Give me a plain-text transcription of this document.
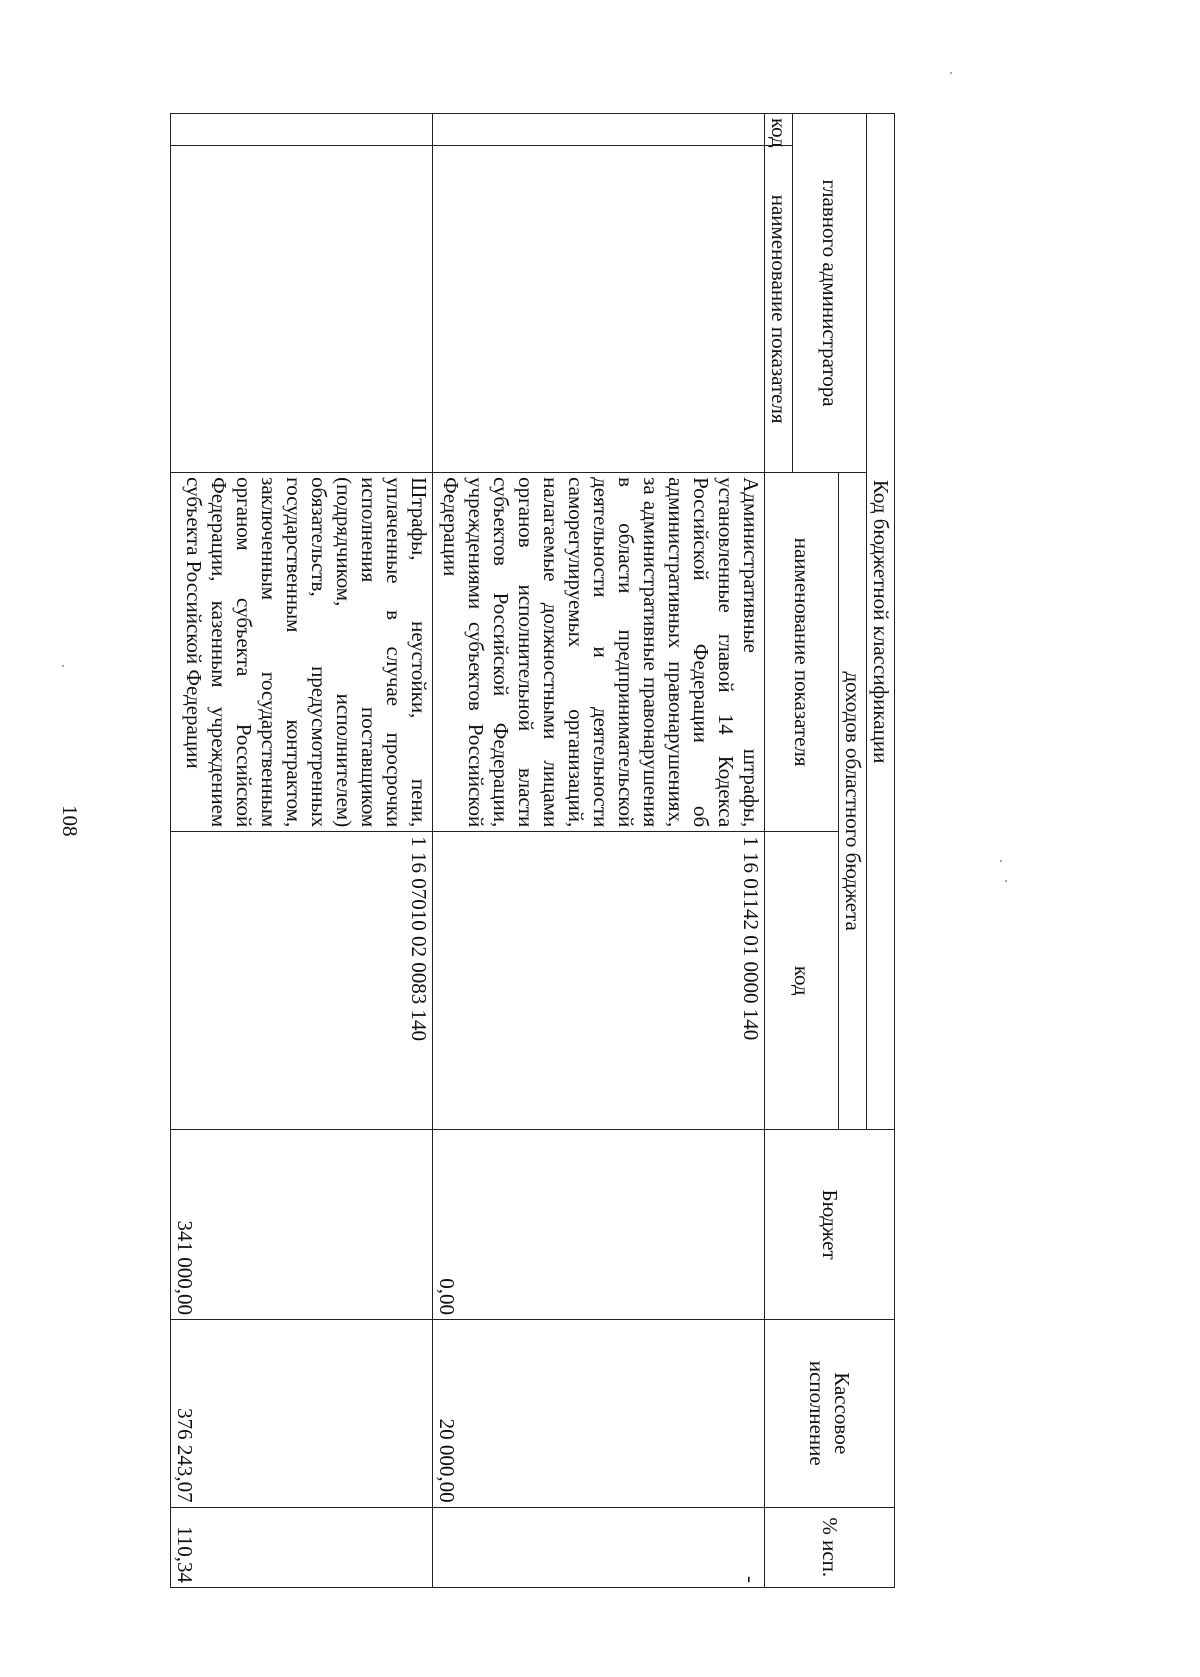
108
Код бюджетной классификации				Бюджет	Кассовое исполнение	% исп.
главного администратора		доходов областного бюджета				
		наименование показателя	код			
код	наименование показателя					
		Административные штрафы, установленные главой 14 Кодекса Российской Федерации об административных правонарушениях, за административные правонарушения в области предпринимательской деятельности и деятельности саморегулируемых организаций, налагаемые должностными лицами органов исполнительной власти субъектов Российской Федерации, учреждениями субъектов Российской Федерации	1 16 01142 01 0000 140	0,00	20 000,00	-
		Штрафы, неустойки, пени, уплаченные в случае просрочки исполнения поставщиком (подрядчиком, исполнителем) обязательств, предусмотренных государственным контрактом, заключенным государственным органом субъекта Российской Федерации, казенным учреждением субъекта Российской Федерации	1 16 07010 02 0083 140	341 000,00	376 243,07	110,34
